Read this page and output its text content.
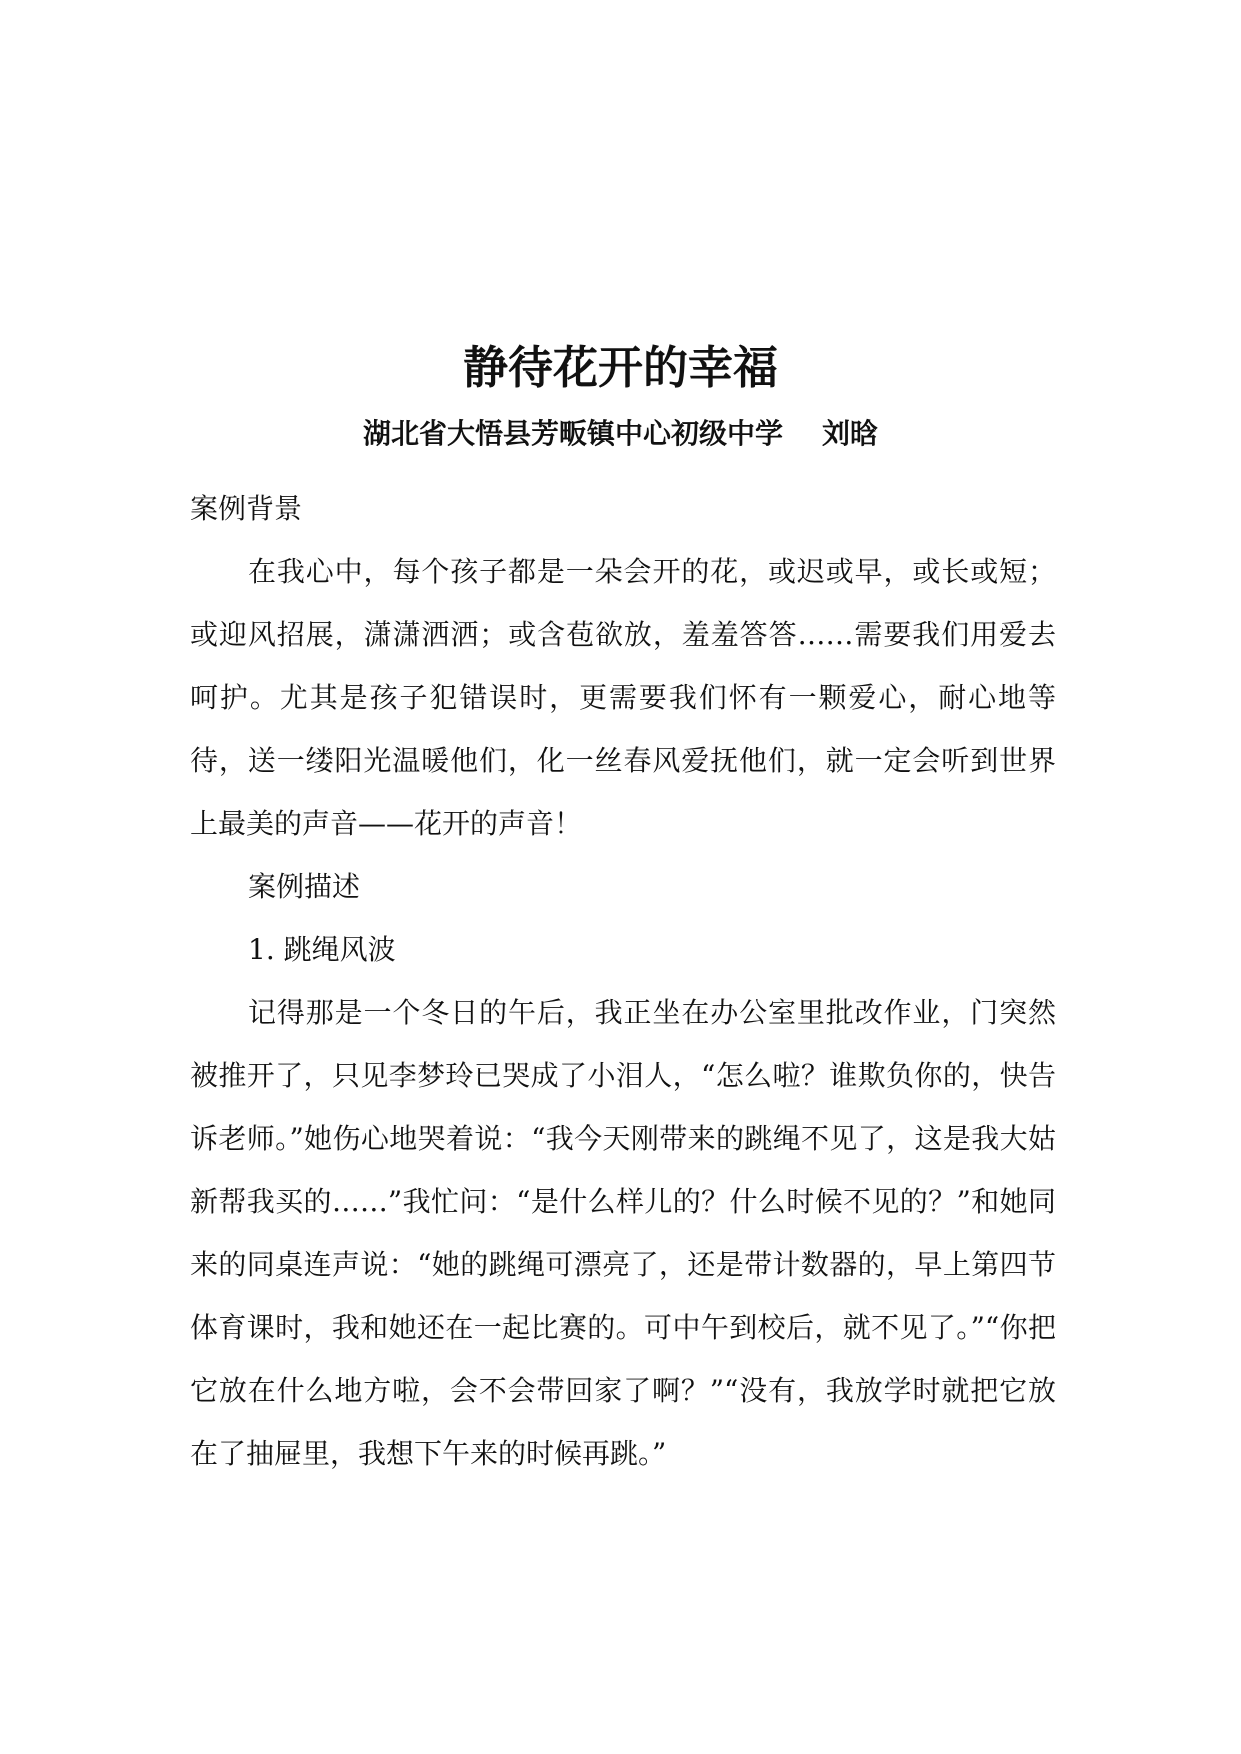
静待花开的幸福
湖北省大悟县芳畈镇中心初级中学    刘晗

案例背景

在我心中，每个孩子都是一朵会开的花，或迟或早，或长或短；或迎风招展，潇潇洒洒；或含苞欲放，羞羞答答……需要我们用爱去呵护。尤其是孩子犯错误时，更需要我们怀有一颗爱心，耐心地等待，送一缕阳光温暖他们，化一丝春风爱抚他们，就一定会听到世界上最美的声音——花开的声音！

案例描述

1. 跳绳风波

记得那是一个冬日的午后，我正坐在办公室里批改作业，门突然被推开了，只见李梦玲已哭成了小泪人，“怎么啦？谁欺负你的，快告诉老师。”她伤心地哭着说：“我今天刚带来的跳绳不见了，这是我大姑新帮我买的……”我忙问：“是什么样儿的？什么时候不见的？”和她同来的同桌连声说：“她的跳绳可漂亮了，还是带计数器的，早上第四节体育课时，我和她还在一起比赛的。可中午到校后，就不见了。”“你把它放在什么地方啦，会不会带回家了啊？”“没有，我放学时就把它放在了抽屉里，我想下午来的时候再跳。”
